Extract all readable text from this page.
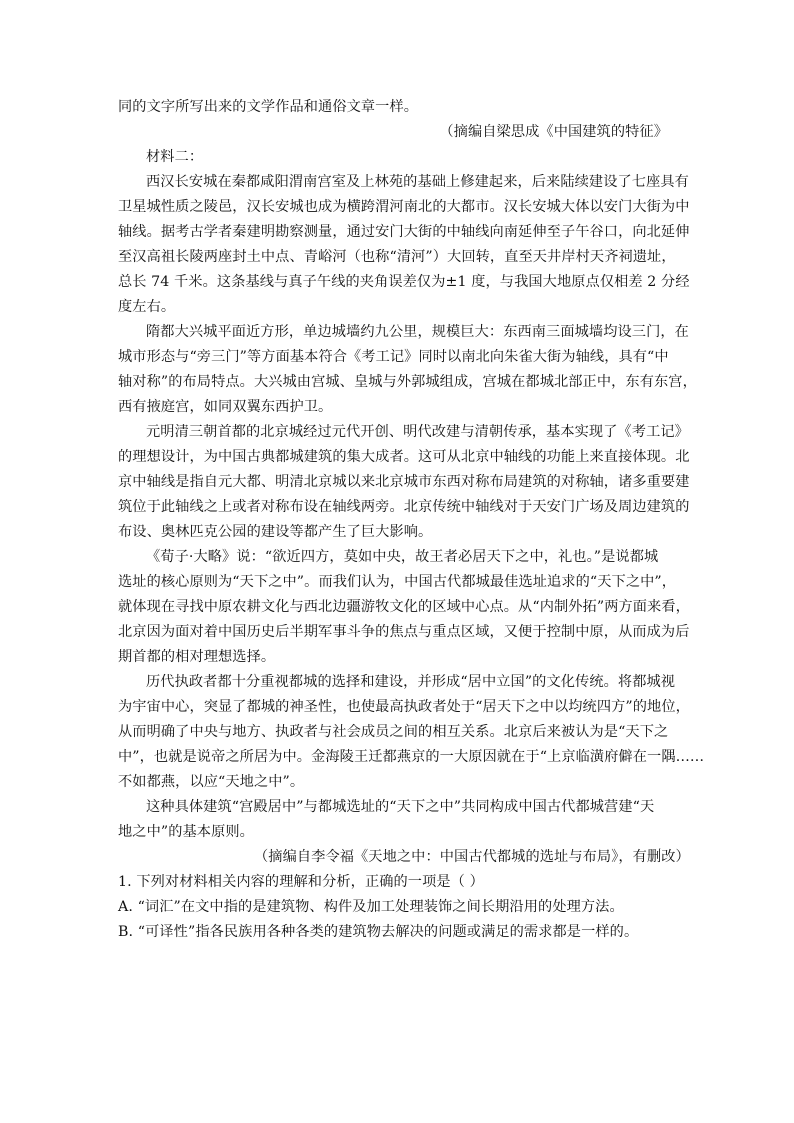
同的文字所写出来的文学作品和通俗文章一样。
（摘编自梁思成《中国建筑的特征》
材料二：
西汉长安城在秦都咸阳渭南宫室及上林苑的基础上修建起来，后来陆续建设了七座具有
卫星城性质之陵邑，汉长安城也成为横跨渭河南北的大都市。汉长安城大体以安门大街为中
轴线。据考古学者秦建明勘察测量，通过安门大街的中轴线向南延伸至子午谷口，向北延伸
至汉高祖长陵两座封土中点、青峪河（也称“清河”）大回转，直至天井岸村天齐祠遗址，
总长 74 千米。这条基线与真子午线的夹角误差仅为±1 度，与我国大地原点仅相差 2 分经
度左右。
隋都大兴城平面近方形，单边城墙约九公里，规模巨大：东西南三面城墙均设三门，在
城市形态与“旁三门”等方面基本符合《考工记》同时以南北向朱雀大街为轴线，具有“中
轴对称”的布局特点。大兴城由宫城、皇城与外郭城组成，宫城在都城北部正中，东有东宫，
西有掖庭宫，如同双翼东西护卫。
元明清三朝首都的北京城经过元代开创、明代改建与清朝传承，基本实现了《考工记》
的理想设计，为中国古典都城建筑的集大成者。这可从北京中轴线的功能上来直接体现。北
京中轴线是指自元大都、明清北京城以来北京城市东西对称布局建筑的对称轴，诸多重要建
筑位于此轴线之上或者对称布设在轴线两旁。北京传统中轴线对于天安门广场及周边建筑的
布设、奥林匹克公园的建设等都产生了巨大影响。
《荀子·大略》说：“欲近四方，莫如中央，故王者必居天下之中，礼也。”是说都城
选址的核心原则为“天下之中”。而我们认为，中国古代都城最佳选址追求的“天下之中”，
就体现在寻找中原农耕文化与西北边疆游牧文化的区域中心点。从“内制外拓”两方面来看，
北京因为面对着中国历史后半期军事斗争的焦点与重点区域，又便于控制中原，从而成为后
期首都的相对理想选择。
历代执政者都十分重视都城的选择和建设，并形成“居中立国”的文化传统。将都城视
为宇宙中心，突显了都城的神圣性，也使最高执政者处于“居天下之中以均统四方”的地位，
从而明确了中央与地方、执政者与社会成员之间的相互关系。北京后来被认为是“天下之
中”，也就是说帝之所居为中。金海陵王迁都燕京的一大原因就在于“上京临潢府僻在一隅……
不如都燕，以应“天地之中”。
这种具体建筑“宫殿居中”与都城选址的“天下之中”共同构成中国古代都城营建“天
地之中”的基本原则。
（摘编自李令福《天地之中：中国古代都城的选址与布局》，有删改）
1. 下列对材料相关内容的理解和分析，正确的一项是（ ）
A. “词汇”在文中指的是建筑物、构件及加工处理装饰之间长期沿用的处理方法。
B. “可译性”指各民族用各种各类的建筑物去解决的问题或满足的需求都是一样的。
